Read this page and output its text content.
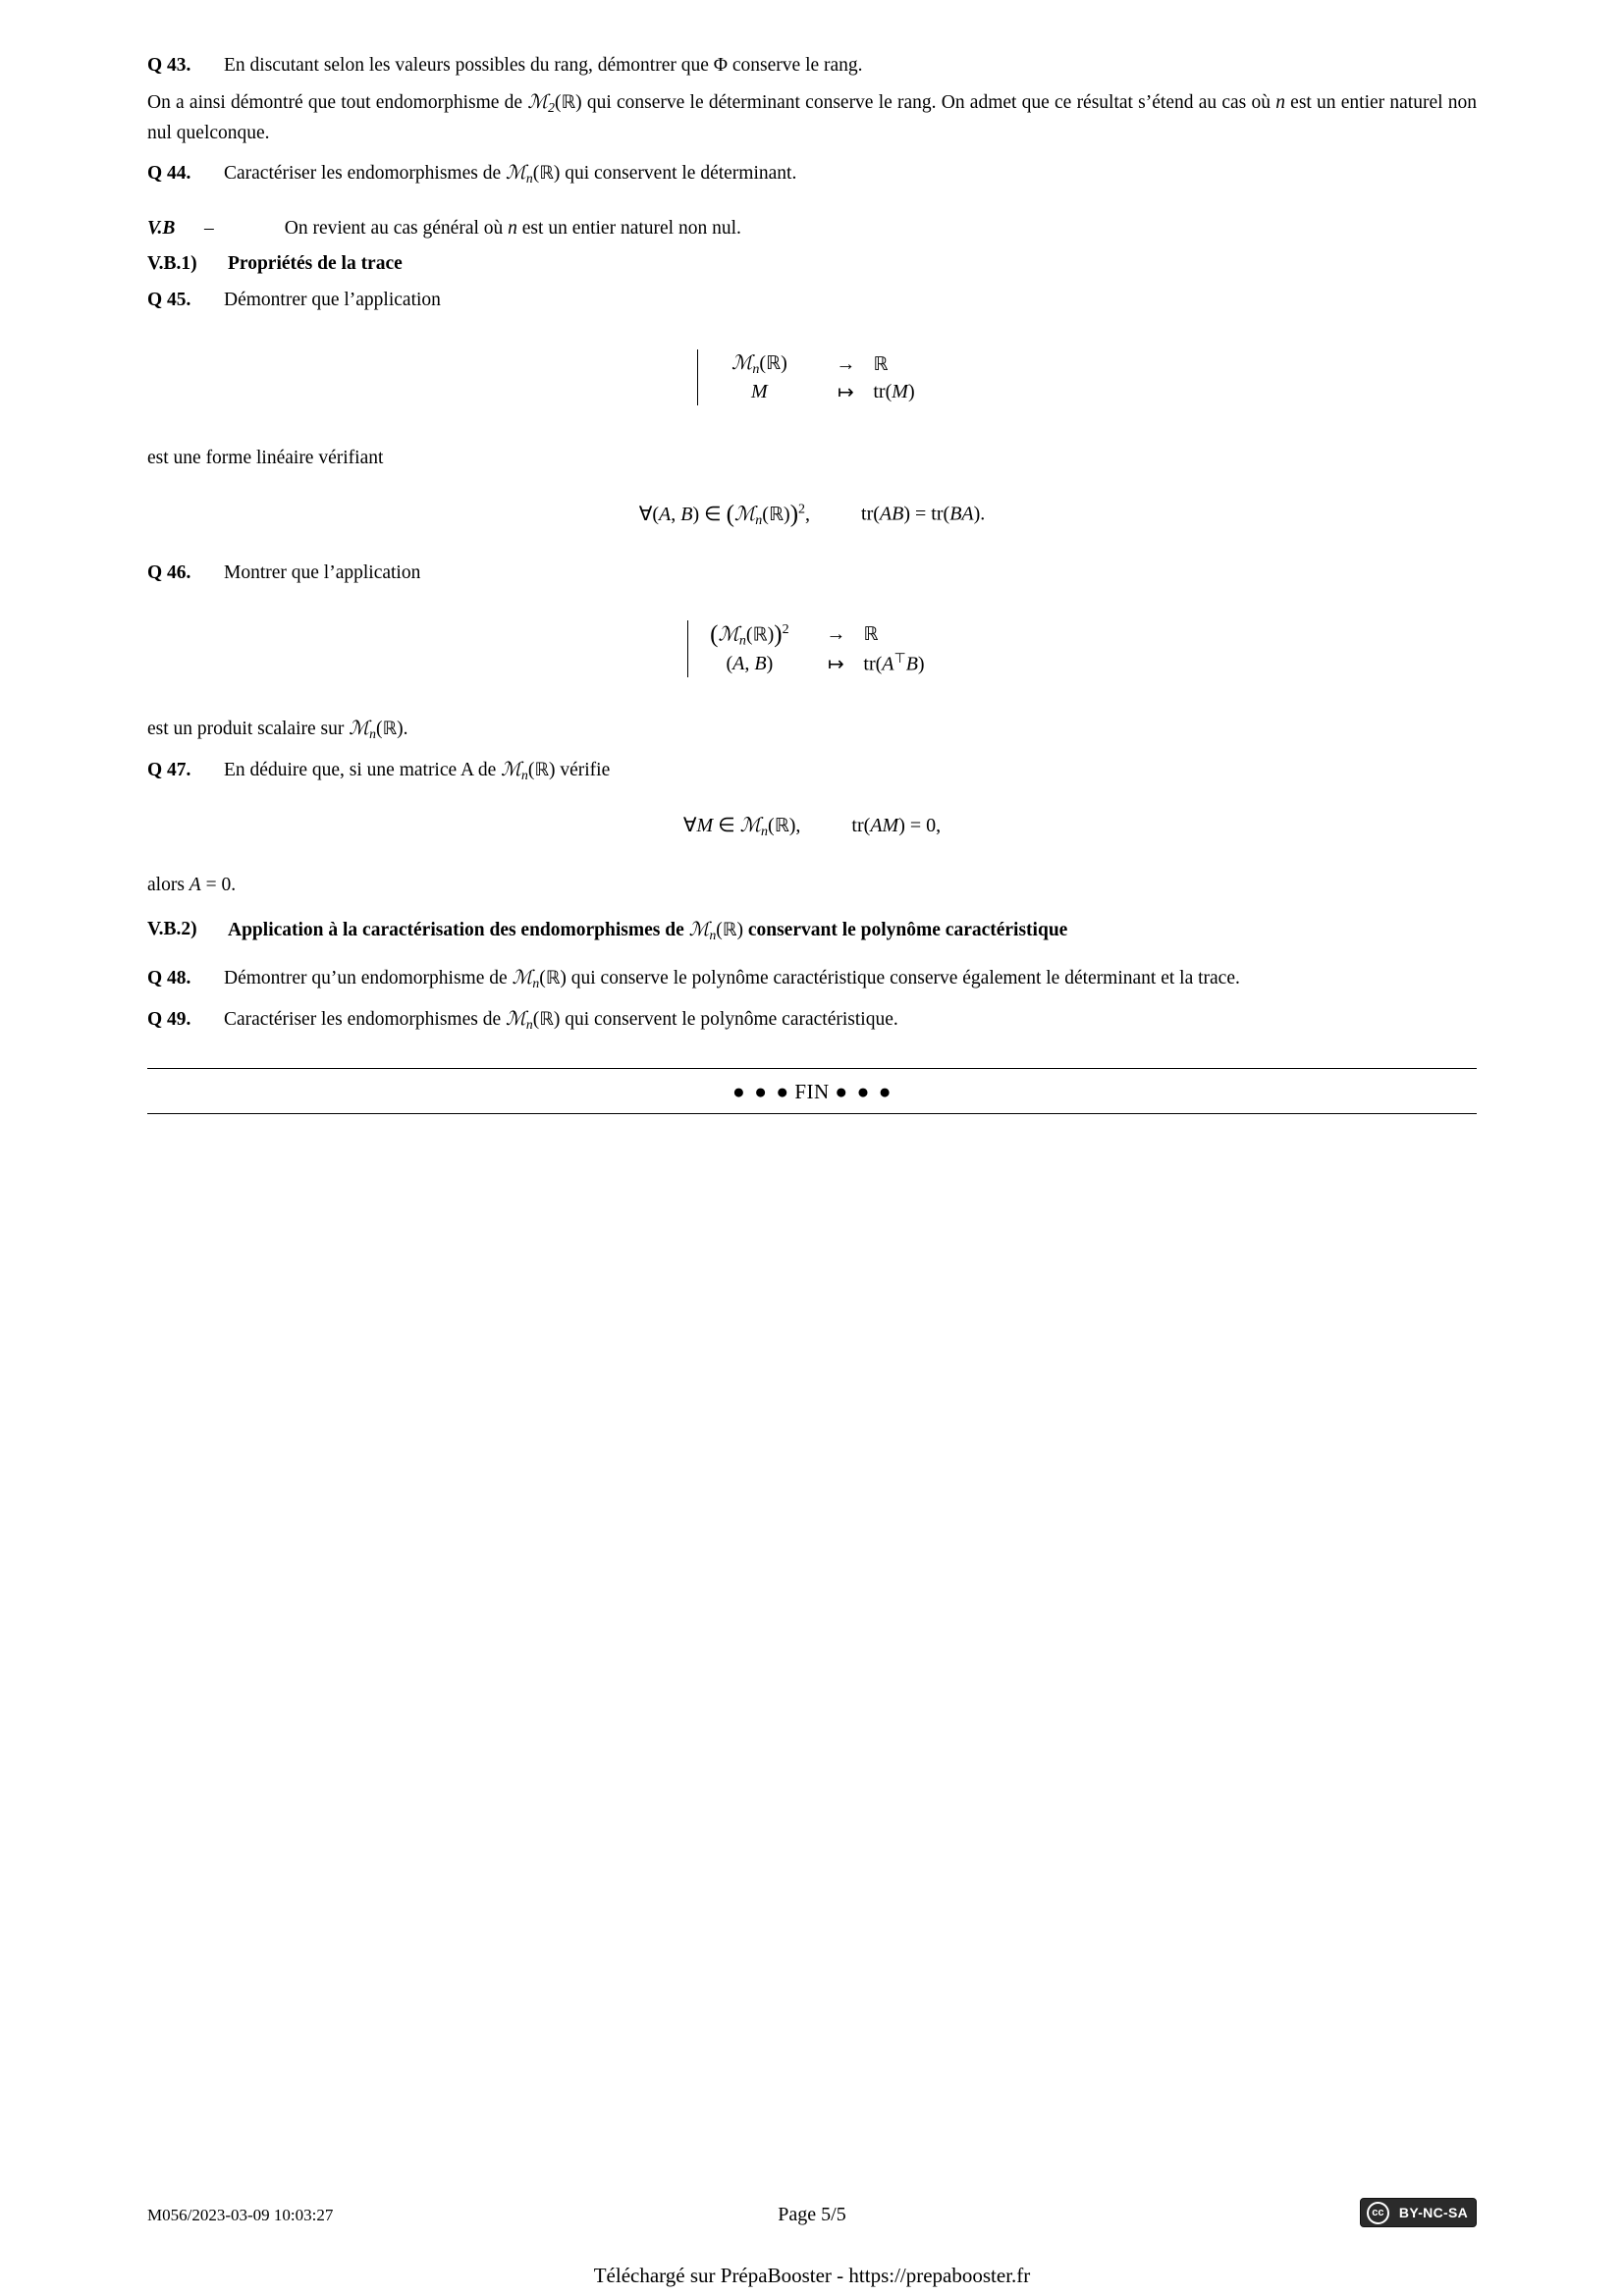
Q 43. En discutant selon les valeurs possibles du rang, démontrer que Φ conserve le rang.
On a ainsi démontré que tout endomorphisme de ℳ$_2$(ℝ) qui conserve le déterminant conserve le rang. On admet que ce résultat s’étend au cas où n est un entier naturel non nul quelconque.
Q 44. Caractériser les endomorphismes de ℳ$_n$(ℝ) qui conservent le déterminant.
V.B –	On revient au cas général où n est un entier naturel non nul.
V.B.1) Propriétés de la trace
Q 45. Démontrer que l’application
ℳ$_n$(ℝ)	→	ℝ
M	↦	tr(M)
est une forme linéaire vérifiant
∀(A, B) ∈ (ℳ$_n$(ℝ))$^2$,	tr(AB) = tr(BA).
Q 46. Montrer que l’application
(ℳ$_n$(ℝ))$^2$	→	ℝ
(A, B)	↦	tr(A⊤B)
est un produit scalaire sur ℳ$_n$(ℝ).
Q 47. En déduire que, si une matrice A de ℳ$_n$(ℝ) vérifie
∀M ∈ ℳ$_n$(ℝ),	tr(AM) = 0,
alors A = 0.
V.B.2)	Application à la caractérisation des endomorphismes de ℳ$_n$(ℝ) conservant le polynôme caractéristique
Q 48. Démontrer qu’un endomorphisme de ℳ$_n$(ℝ) qui conserve le polynôme caractéristique conserve également le déterminant et la trace.
Q 49. Caractériser les endomorphismes de ℳ$_n$(ℝ) qui conservent le polynôme caractéristique.
● ● ● FIN ● ● ●
M056/2023-03-09 10:03:27	Page 5/5	cc	BY-NC-SA
Téléchargé sur PrépaBooster - https://prepabooster.fr
